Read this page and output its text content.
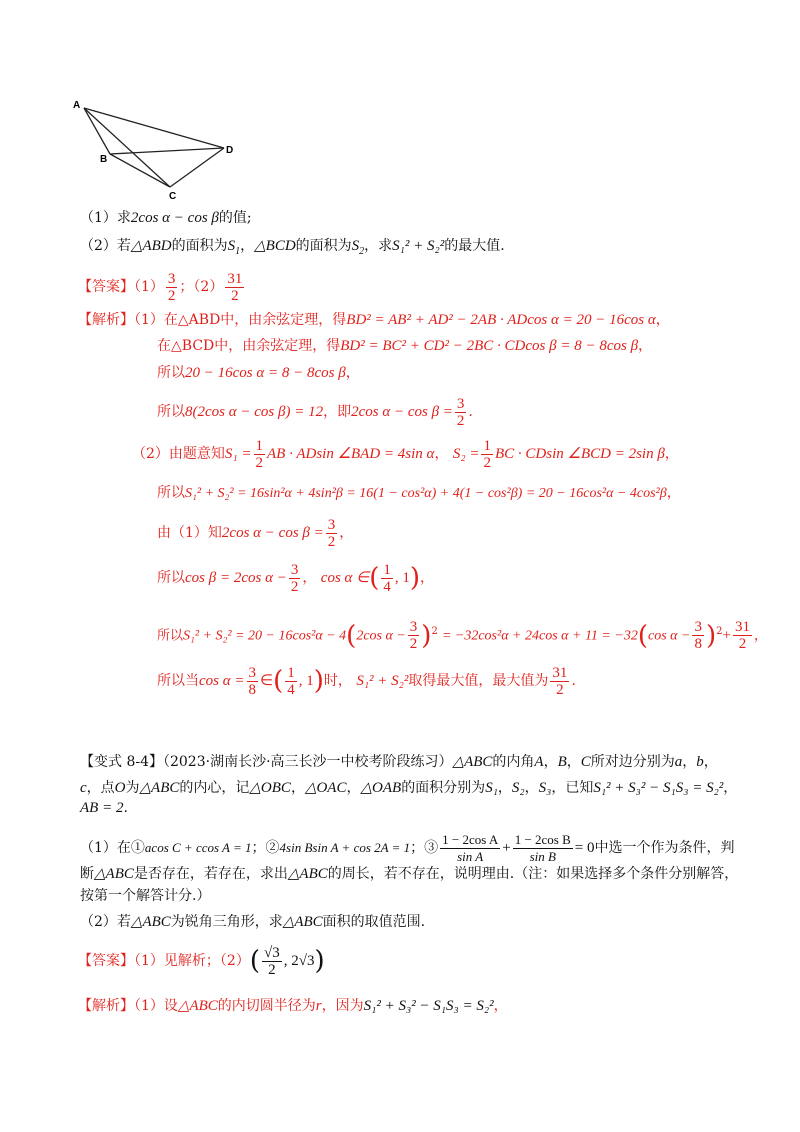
A
B
C
D
（1）求2cos α − cos β的值;
（2）若△ABD的面积为$S_1$，△BCD的面积为$S_2$，求S₁² + S₂²的最大值.
【答案】$(1) \frac{3}{2}$ ；$(2) \frac{31}{2}$
【解析】（1）在△ABD中，由余弦定理，得BD² = AB² + AD² − 2AB · ADcos α = 20 − 16cos α，
在△BCD中，由余弦定理，得BD² = BC² + CD² − 2BC · CDcos β = 8 − 8cos β，
所以20 − 16cos α = 8 − 8cos β，
所以8(2cos α − cos β) = 12，即2cos $\alpha - \cos \beta = \frac{3}{2}$ .
（2）由题意知$S_1 = \frac{1}{2}$ AB · ADsin ∠BAD = 4sin α， $S_2 = \frac{1}{2}$ BC · CDsin ∠BCD = 2sin β，
所以S₁² + S₂² = 16sin²α + 4sin²β = 16(1 − cos²α) + 4(1 − cos²β) = 20 − 16cos²α − 4cos²β，
由（1）知2cos $\alpha - \cos \beta = \frac{3}{2}$ ，
所以cos β = 2cos $\alpha - \frac{3}{2}$ ， cos α ∈( $\frac{1}{4}$ , 1)，
所以S₁² + S₂² = 20 − 16cos²α − 4(2cos $\alpha - \frac{3}{2} )^2 = -32\cos^2\alpha + 24\cos$ α + 11 = −32(cos $\alpha - \frac{3}{8} )^2+ \frac{31}{2}$ ，
所以当$\cos \alpha = \frac{3}{8}$ ∈( $\frac{1}{4}$ , 1)时， S₁² + S₂²取得最大值，最大值为 $\frac{31}{2}$ .
【变式 8-4】（2023·湖南长沙·高三长沙一中校考阶段练习）△ABC的内角A，B，C所对边分别为a，b，
c，点O为△ABC的内心，记△OBC，△OAC，△OAB的面积分别为S₁，S₂，S₃，已知S₁² + S₃² − S₁S₃ = S₂²，
AB = 2.
（1）在①acos C + ccos A = 1；②4sin Bsin A + cos 2A = 1；③ $\frac{\text{1 − 2cos A}}{\text{sin A}} + \frac{\text{1 − 2cos B}}{\text{sin B}} = 0$中选一个作为条件，判
断△ABC是否存在，若存在，求出△ABC的周长，若不存在，说明理由.（注：如果选择多个条件分别解答，
按第一个解答计分.）
（2）若△ABC为锐角三角形，求△ABC面积的取值范围.
【答案】（1）见解析；$(2)( \frac{√3}{2}$ , 2√3)
【解析】（1）设△ABC的内切圆半径为r，因为S₁² + S₃² − S₁S₃ = S₂²，
